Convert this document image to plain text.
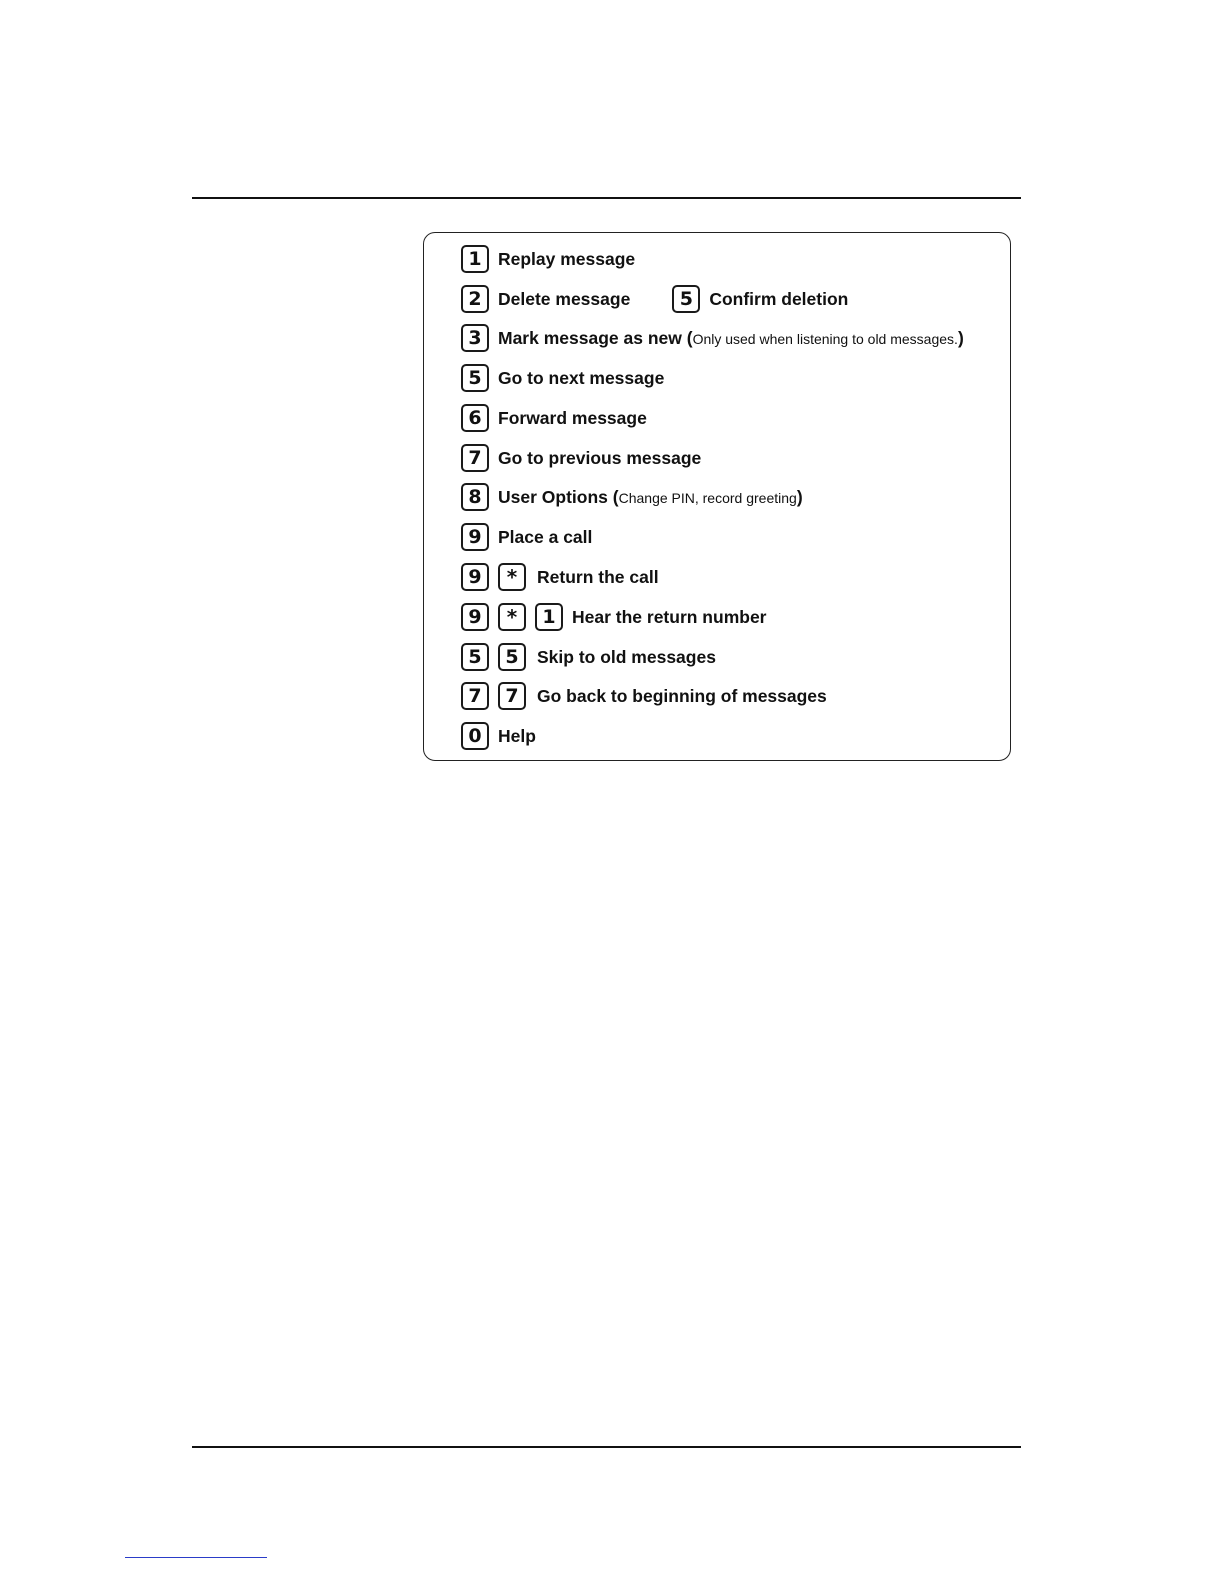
1 Replay message
2 Delete message	5 Confirm deletion
3 Mark message as new (Only used when listening to old messages.)
5 Go to next message
6 Forward message
7 Go to previous message
8 User Options (Change PIN, record greeting)
9 Place a call
9	*	Return the call
9	*	1 Hear the return number
5	5	Skip to old messages
7	7	Go back to beginning of messages
0 Help
